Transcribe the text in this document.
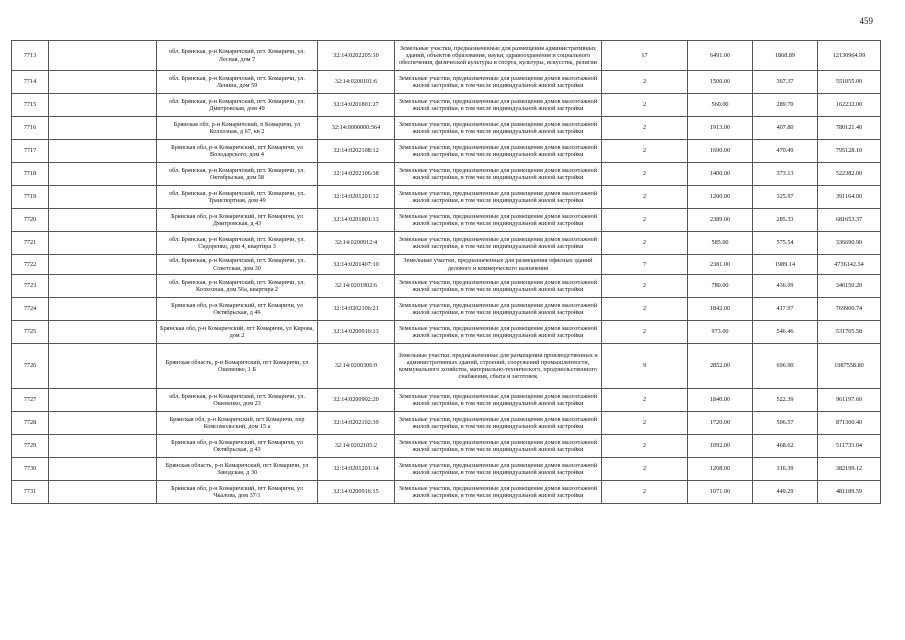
459
7713		обл. Брянская, р-н Комаричский, пгт. Комаричи, ул. Лесная, дом 7	32:14:0202205:10	Земельные участки, предназначенные для размещения административных зданий, объектов образования, науки, здравоохранения и социального обеспечения, физической культуры и спорта, культуры, искусства, религии	17	6491.00	1868.89	12130964.99
7714		обл. Брянская, р-н Комаричский, пгт. Комаричи, ул. Ленина, дом 59	32:14:0200101:6	Земельные участки, предназначенные для размещения домов малоэтажной жилой застройки, в том числе индивидуальной жилой застройки	2	1500.00	367.37	551055.00
7715		обл. Брянская, р-н Комаричский, пгт. Комаричи, ул. Дмитровская, дом 49	32:14:0201801:27	Земельные участки, предназначенные для размещения домов малоэтажной жилой застройки, в том числе индивидуальной жилой застройки	2	560.00	289.70	162232.00
7716		Брянская обл, р-н Комаричский, п Комаричи, ул Колхозная, д 67, кв 2	32:14:0000000:564	Земельные участки, предназначенные для размещения домов малоэтажной жилой застройки, в том числе индивидуальной жилой застройки	2	1913.00	407.80	780121.40
7717		Брянская обл, р-н Комаричский, пгт Комаричи, ул Володарского, дом 4	32:14:0202108:12	Земельные участки, предназначенные для размещения домов малоэтажной жилой застройки, в том числе индивидуальной жилой застройки	2	1690.00	470.49	795128.10
7718		обл. Брянская, р-н Комаричский, пгт. Комаричи, ул. Октябрьская, дом 58	32:14:0202106:38	Земельные участки, предназначенные для размещения домов малоэтажной жилой застройки, в том числе индивидуальной жилой застройки	2	1400.00	373.13	522382.00
7719		обл. Брянская, р-н Комаричский, пгт. Комаричи, ул. Транспортная, дом 49	32:14:0201201:12	Земельные участки, предназначенные для размещения домов малоэтажной жилой застройки, в том числе индивидуальной жилой застройки	2	1200.00	325.97	391164.00
7720		Брянская обл, р-н Комаричский, пгт Комаричи, ул Дмитровская, д 43	32:14:0201801:13	Земельные участки, предназначенные для размещения домов малоэтажной жилой застройки, в том числе индивидуальной жилой застройки	2	2389.00	285.33	681653.37
7721		обл. Брянская, р-н Комаричский, пгт. Комаричи, ул. Сидоренко, дом 4, квартира 3	32:14:0200912:4	Земельные участки, предназначенные для размещения домов малоэтажной жилой застройки, в том числе индивидуальной жилой застройки	2	585.00	575.54	336690.90
7722		обл. Брянская, р-н Комаричский, пгт. Комаричи, ул. Советская, дом 30	32:14:0201407:10	Земельные участки, предназначенные для размещения офисных зданий делового и коммерческого назначения	7	2381.00	1989.14	4736142.34
7723		обл. Брянская, р-н Комаричский, пгт. Комаричи, ул. Колхозная, дом 56а, квартира 2	32:14:0201902:6	Земельные участки, предназначенные для размещения домов малоэтажной жилой застройки, в том числе индивидуальной жилой застройки	2	780.00	436.09	340150.20
7724		Брянская обл, р-н Комаричский, пгт Комаричи, ул Октябрьская, д 46	32:14:0202106:21	Земельные участки, предназначенные для размещения домов малоэтажной жилой застройки, в том числе индивидуальной жилой застройки	2	1842.00	417.97	769900.74
7725		Брянская обл, р-н Комаричский, пгт Комаричи, ул Кирова, дом 2	32:14:0200910:13	Земельные участки, предназначенные для размещения домов малоэтажной жилой застройки, в том числе индивидуальной жилой застройки	2	973.00	546.46	531705.58
7726		Брянская область, р-н Комаричский, пгт Комаричи, ул Ошевенко, 1 Б	32:14:0200306:9	Земельные участки, предназначенные для размещения производственных и административных зданий, строений, сооружений промышленности, коммунального хозяйства, материально-технического, продовольственного снабжения, сбыта и заготовок	9	2852.00	696.90	1987558.80
7727		обл. Брянская, р-н Комаричский, пгт. Комаричи, ул. Ошевенко, дом 23	32:14:0200902:20	Земельные участки, предназначенные для размещения домов малоэтажной жилой застройки, в том числе индивидуальной жилой застройки	2	1840.00	522.39	961197.60
7728		Брянская обл, р-н Комаричский, пгт Комаричи, пер Комсомольский, дом 15 а	32:14:0202102:39	Земельные участки, предназначенные для размещения домов малоэтажной жилой застройки, в том числе индивидуальной жилой застройки	2	1720.00	506.57	871300.40
7729		Брянская обл, р-н Комаричский, пгт Комаричи, ул Октябрьская, д 43	32:14:0202105:2	Земельные участки, предназначенные для размещения домов малоэтажной жилой застройки, в том числе индивидуальной жилой застройки	2	1092.00	468.62	511733.04
7730		Брянская область, р-н Комаричский, пгт Комаричи, ул Заводская, д 30	32:14:0201201:14	Земельные участки, предназначенные для размещения домов малоэтажной жилой застройки, в том числе индивидуальной жилой застройки	2	1208.00	316.39	382199.12
7731		Брянская обл, р-н Комаричский, пгт Комаричи, ул Чкалова, дом 37/1	32:14:0200916:15	Земельные участки, предназначенные для размещения домов малоэтажной жилой застройки, в том числе индивидуальной жилой застройки	2	1071.00	449.29	481189.59
